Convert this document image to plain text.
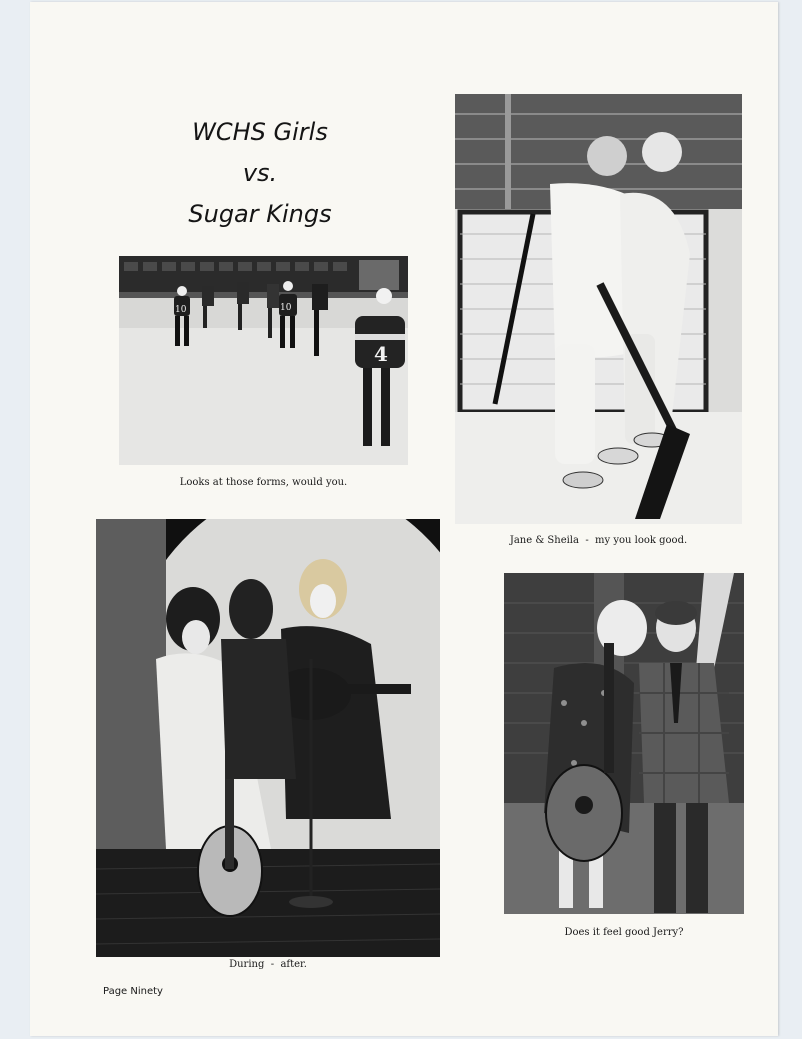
WCHS Girls
vs.
Sugar Kings
10	10
4
Looks at those forms, would you.
Jane & Sheila  -  my you look good.
During  -  after.
Does it feel good Jerry?
Page Ninety
